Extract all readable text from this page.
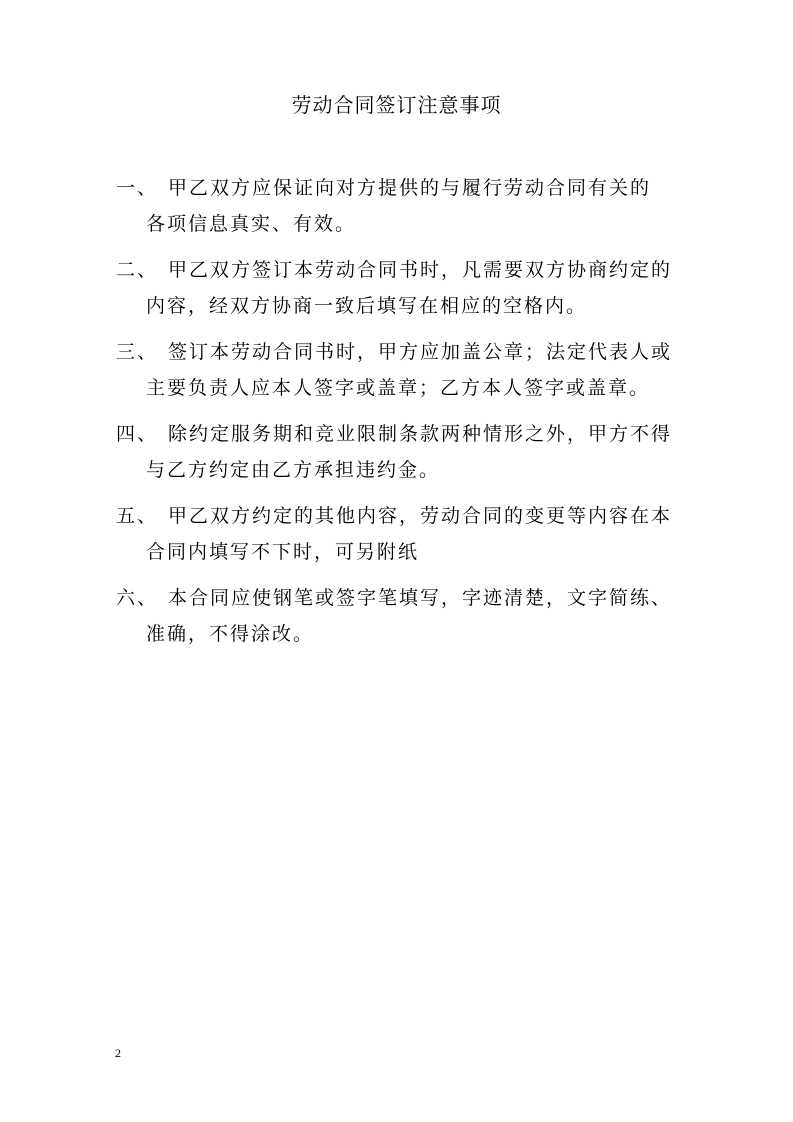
劳动合同签订注意事项
一、 甲乙双方应保证向对方提供的与履行劳动合同有关的
各项信息真实、有效。
二、 甲乙双方签订本劳动合同书时，凡需要双方协商约定的
内容，经双方协商一致后填写在相应的空格内。
三、 签订本劳动合同书时，甲方应加盖公章；法定代表人或
主要负责人应本人签字或盖章；乙方本人签字或盖章。
四、 除约定服务期和竞业限制条款两种情形之外，甲方不得
与乙方约定由乙方承担违约金。
五、 甲乙双方约定的其他内容，劳动合同的变更等内容在本
合同内填写不下时，可另附纸
六、 本合同应使钢笔或签字笔填写，字迹清楚，文字简练、
准确，不得涂改。
2
